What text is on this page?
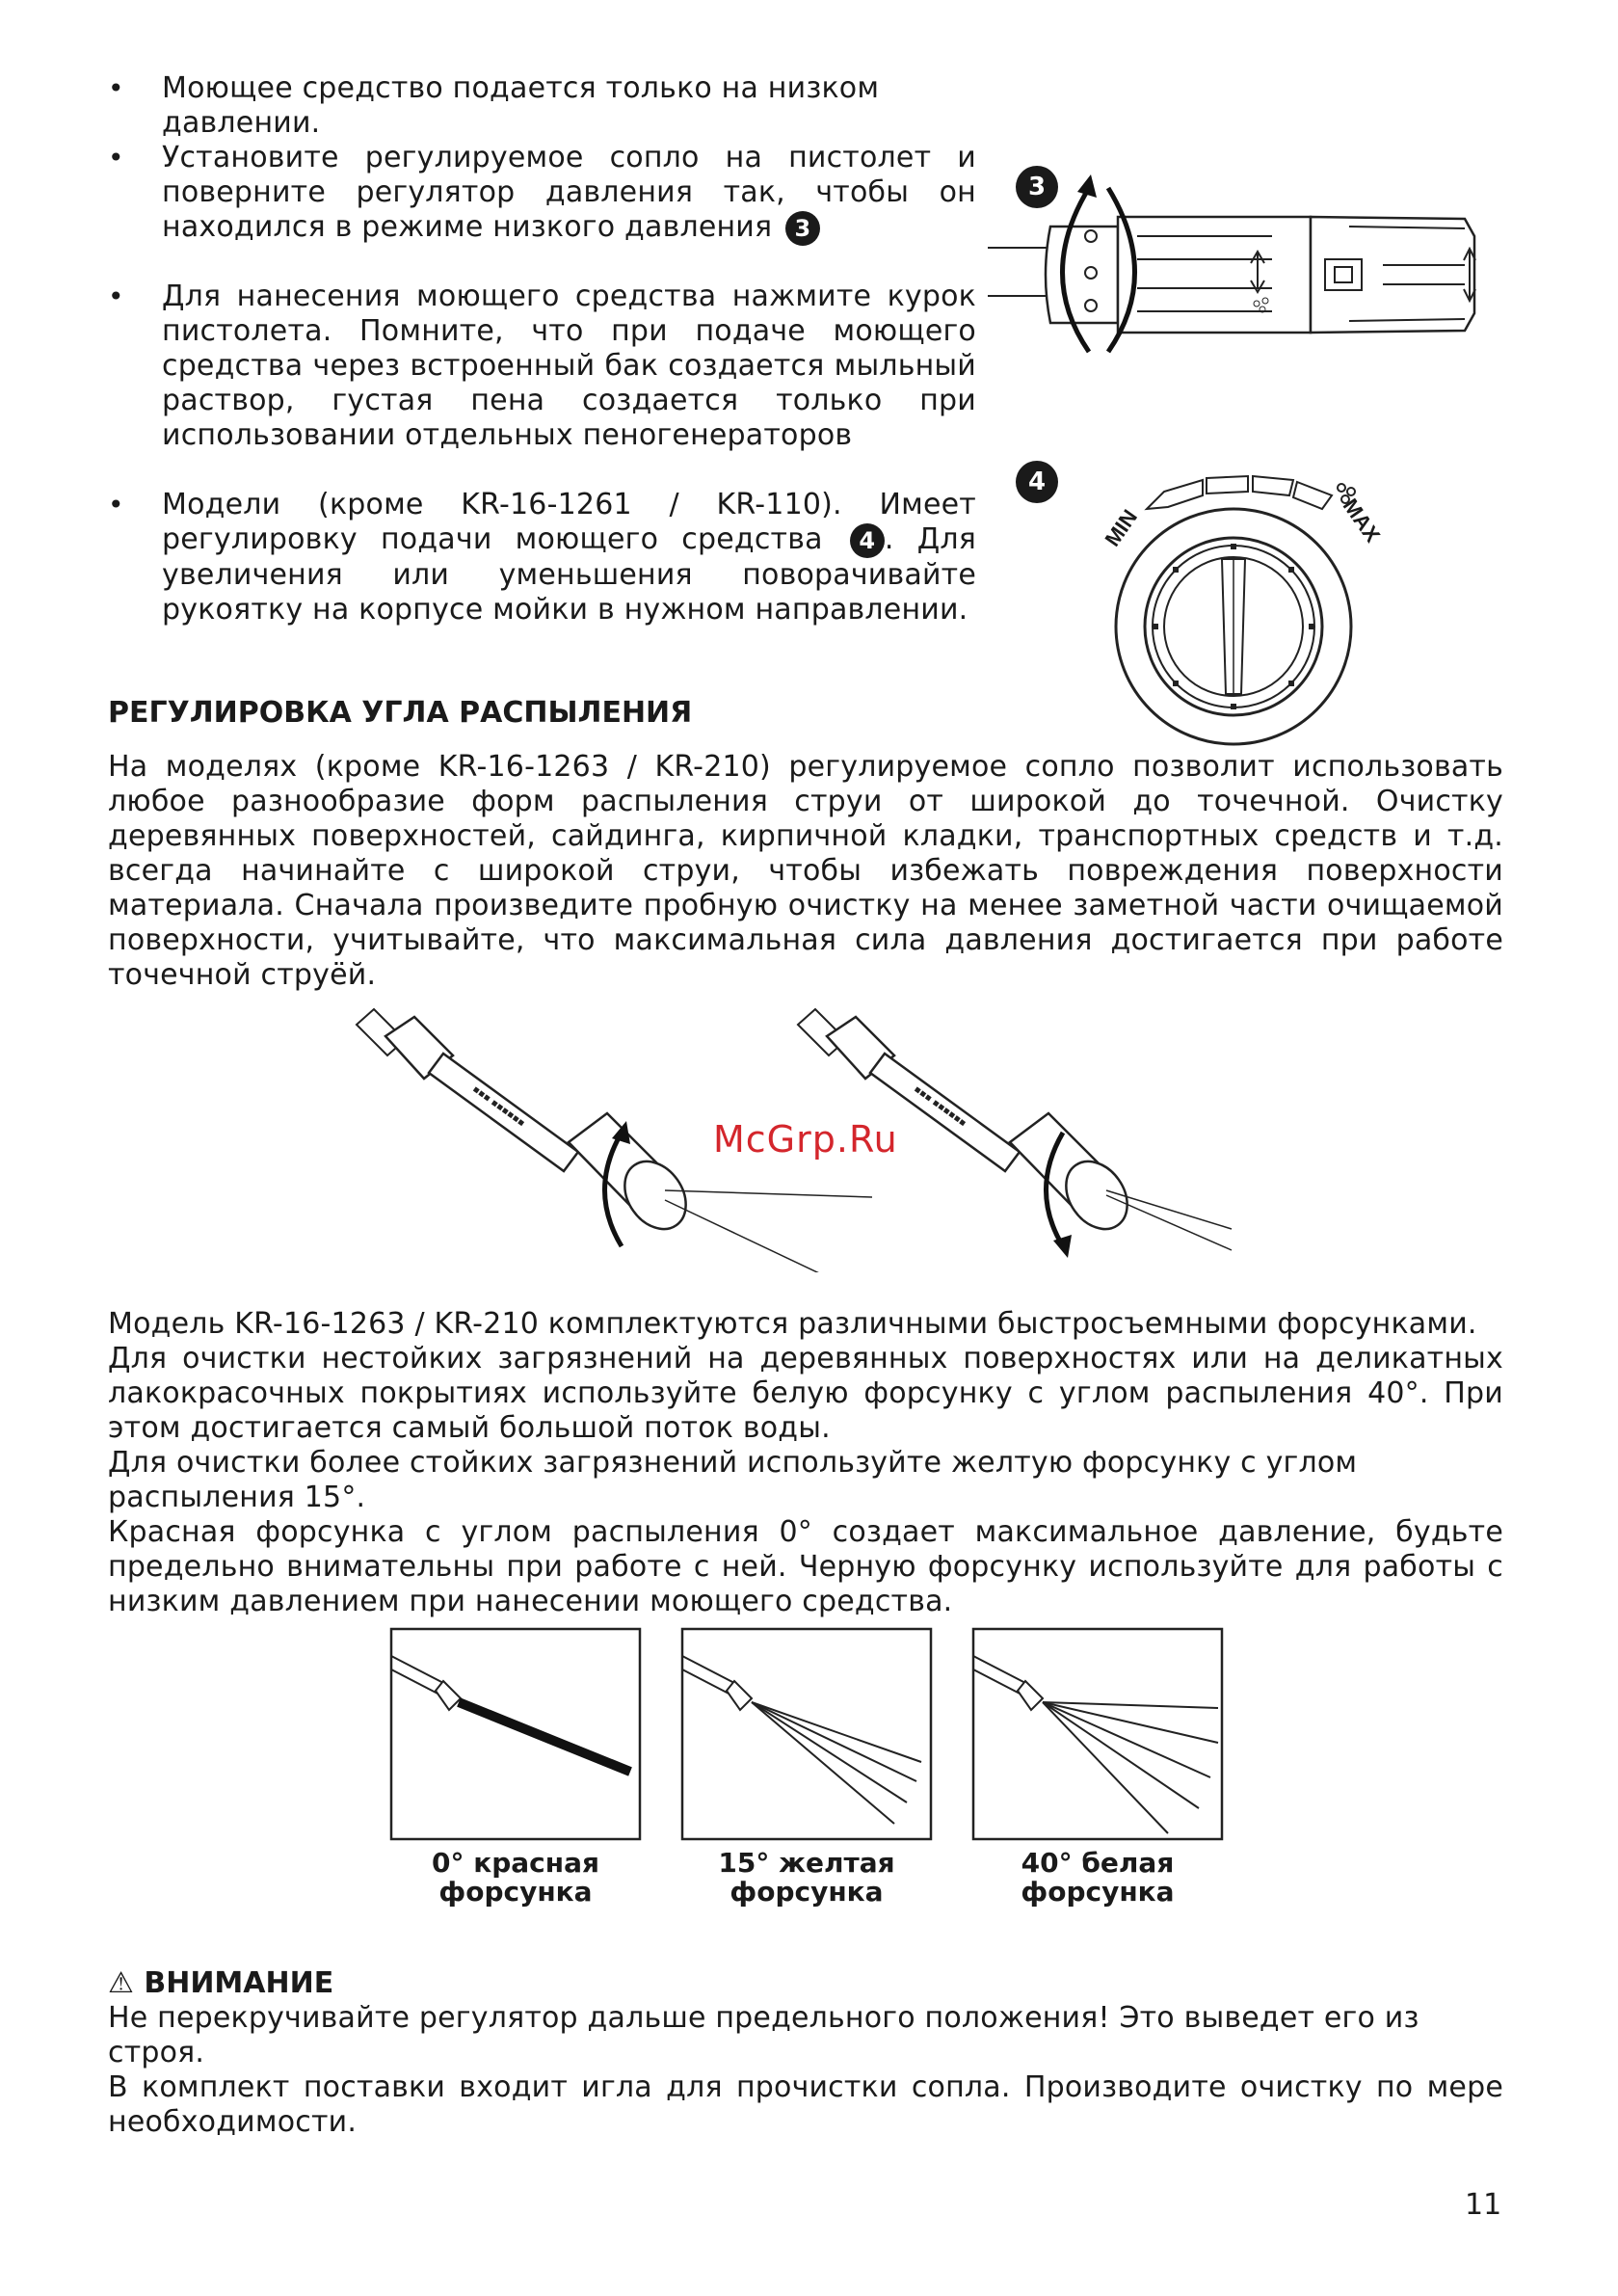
• Моющее средство подается только на низком давлении.
• Установите регулируемое сопло на пистолет и поверните регулятор давления так, чтобы он находился в режиме низкого давления 3
• Для нанесения моющего средства нажмите курок пистолета. Помните, что при подаче моющего средства через встроенный бак создается мыльный раствор, густая пена создается только при использовании отдельных пеногенераторов
• Модели (кроме KR-16-1261 / KR-110). Имеет регулировку подачи моющего средства 4 . Для увеличения или уменьшения поворачивайте рукоятку на корпусе мойки в нужном направлении.
3
4
MIN	MAX
РЕГУЛИРОВКА УГЛА РАСПЫЛЕНИЯ
На моделях (кроме KR-16-1263 / KR-210) регулируемое сопло позволит использовать любое разнообразие форм распыления струи от широкой до точечной. Очистку деревянных поверхностей, сайдинга, кирпичной кладки, транспортных средств и т.д. всегда начинайте с широкой струи, чтобы избежать повреждения поверхности материала. Сначала произведите пробную очистку на менее заметной части очищаемой поверхности, учитывайте, что максимальная сила давления достигается при работе точечной струёй.
▪▪▪ ▪▪▪▪▪▪	▪▪▪ ▪▪▪▪▪▪
McGrp.Ru
Модель KR-16-1263 / KR-210 комплектуются различными быстросъемными форсунками.
Для очистки нестойких загрязнений на деревянных поверхностях или на деликатных лакокрасочных покрытиях используйте белую форсунку с углом распыления 40°. При этом достигается самый большой поток воды.
Для очистки более стойких загрязнений используйте желтую форсунку с углом распыления 15°.
Красная форсунка с углом распыления 0° создает максимальное давление, будьте предельно внимательны при работе с ней. Черную форсунку используйте для работы с низким давлением при нанесении моющего средства.
0° красная
форсунка
15° желтая
форсунка
40° белая
форсунка
⚠ ВНИМАНИЕ
Не перекручивайте регулятор дальше предельного положения! Это выведет его из строя.
В комплект поставки входит игла для прочистки сопла. Производите очистку по мере необходимости.
11
